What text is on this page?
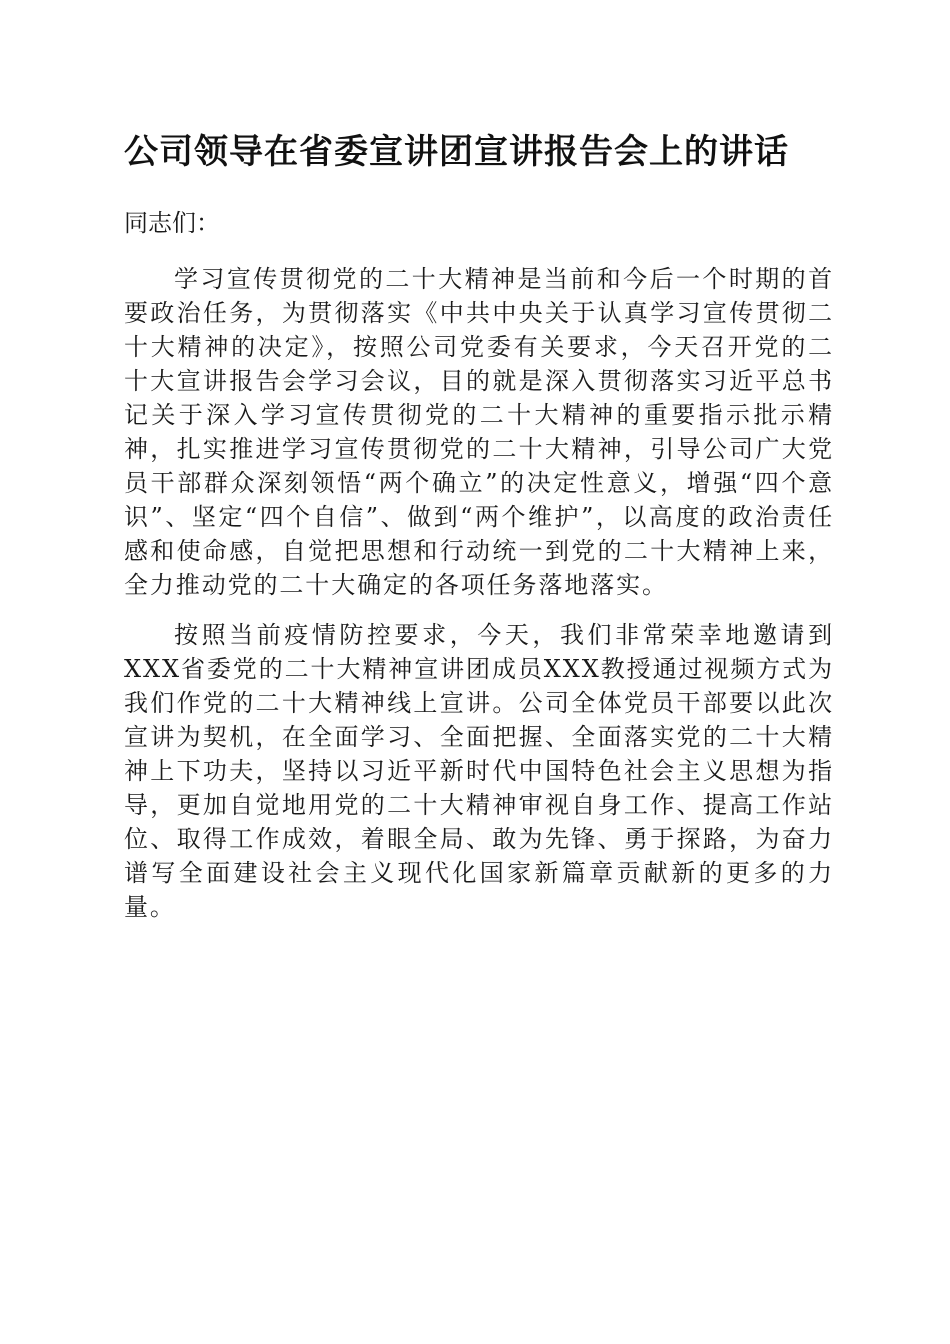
公司领导在省委宣讲团宣讲报告会上的讲话

同志们：

学习宣传贯彻党的二十大精神是当前和今后一个时期的首要政治任务，为贯彻落实《中共中央关于认真学习宣传贯彻二十大精神的决定》，按照公司党委有关要求，今天召开党的二十大宣讲报告会学习会议，目的就是深入贯彻落实习近平总书记关于深入学习宣传贯彻党的二十大精神的重要指示批示精神，扎实推进学习宣传贯彻党的二十大精神，引导公司广大党员干部群众深刻领悟“两个确立”的决定性意义，增强“四个意识”、坚定“四个自信”、做到“两个维护”，以高度的政治责任感和使命感，自觉把思想和行动统一到党的二十大精神上来，全力推动党的二十大确定的各项任务落地落实。

按照当前疫情防控要求，今天，我们非常荣幸地邀请到XXX省委党的二十大精神宣讲团成员XXX教授通过视频方式为我们作党的二十大精神线上宣讲。公司全体党员干部要以此次宣讲为契机，在全面学习、全面把握、全面落实党的二十大精神上下功夫，坚持以习近平新时代中国特色社会主义思想为指导，更加自觉地用党的二十大精神审视自身工作、提高工作站位、取得工作成效，着眼全局、敢为先锋、勇于探路，为奋力谱写全面建设社会主义现代化国家新篇章贡献新的更多的力量。
